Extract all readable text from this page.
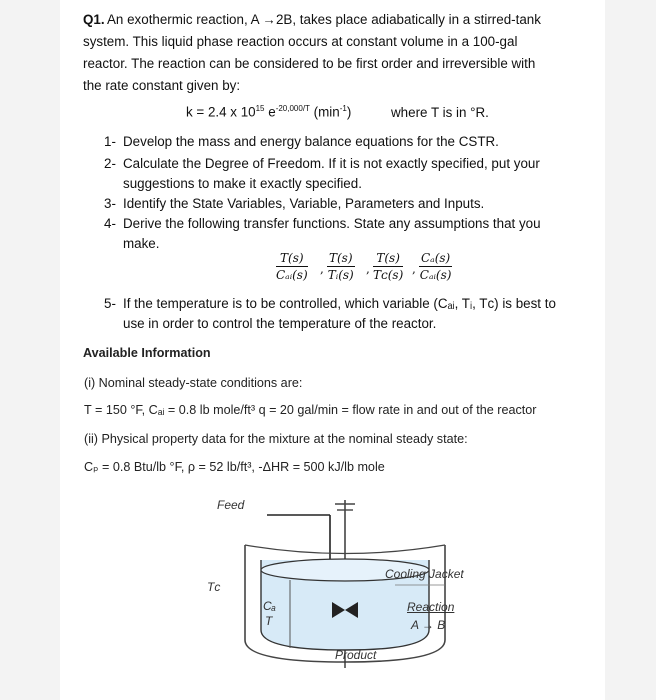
Q1. An exothermic reaction, A →2B, takes place adiabatically in a stirred-tank
system. This liquid phase reaction occurs at constant volume in a 100-gal
reactor. The reaction can be considered to be first order and irreversible with
the rate constant given by:
k = 2.4 x $10^{15}$ $e^{-20,000/T}$ $(\min^{-1})$	where T is in °R.
1- Develop the mass and energy balance equations for the CSTR.
2- Calculate the Degree of Freedom. If it is not exactly specified, put your
suggestions to make it exactly specified.
3- Identify the State Variables, Variable, Parameters and Inputs.
4- Derive the following transfer functions. State any assumptions that you
make.
T(s)
Cₐᵢ(s) , $\frac{T(s)}{\text{Tᵢ(s)}}$ , $\frac{T(s)}{\text{Tᴄ(s)}}$ ,
Cₐ(s)
Cₐᵢ(s)
5- If the temperature is to be controlled, which variable (Cₐᵢ, Tᵢ, Tᴄ) is best to
use in order to control the temperature of the reactor.
Available Information
(i) Nominal steady-state conditions are:
T = 150 °F, Cₐᵢ = 0.8 lb mole/ft³ q = 20 gal/min = flow rate in and out of the reactor
(ii) Physical property data for the mixture at the nominal steady state:
Cₚ = 0.8 Btu/lb °F, ρ = 52 lb/ft³, -ΔHR = 500 kJ/lb mole
Feed
Cooling Jacket
Reaction
A → B
Product
Tᴄ
Cₐ
T
